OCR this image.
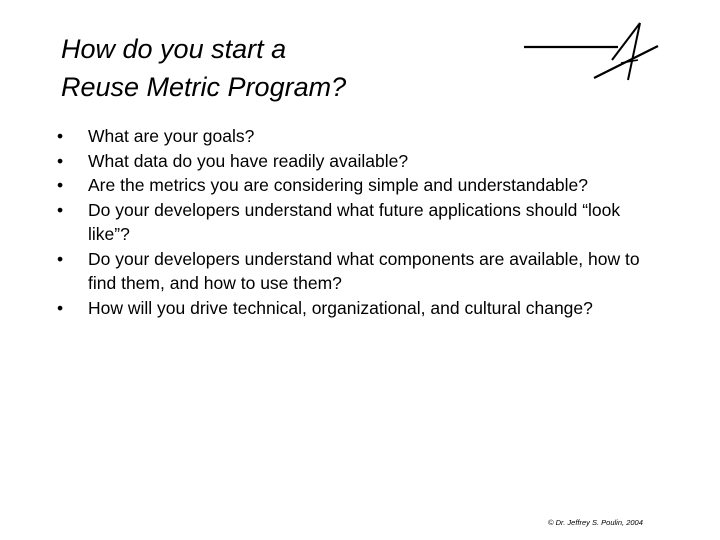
How do you start a
Reuse Metric Program?
•	What are your goals?
•	What data do you have readily available?
•	Are the metrics you are considering simple and understandable?
•	Do your developers understand what future applications should “look like”?
•	Do your developers understand what components are available, how to find them, and how to use them?
•	How will you drive technical, organizational, and cultural change?
© Dr. Jeffrey S. Poulin, 2004
